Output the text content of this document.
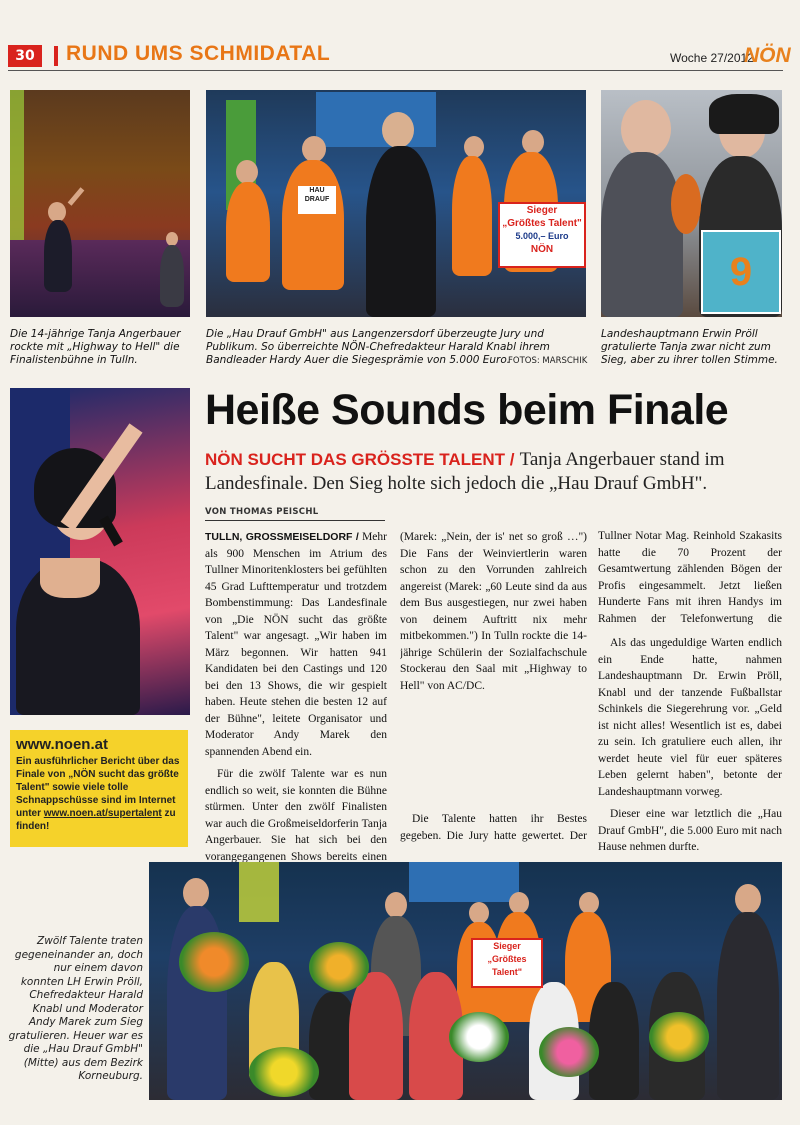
30	RUND UMS SCHMIDATAL	Woche 27/2012
NÖN
HAU DRAUF
Sieger
„Größtes Talent"
5.000,– Euro
NÖN
9
Die 14-jährige Tanja Angerbauer rockte mit „Highway to Hell" die Finalistenbühne in Tulln.
Die „Hau Drauf GmbH" aus Langenzersdorf überzeugte Jury und Publikum. So überreichte NÖN-Chefredakteur Harald Knabl ihrem Bandleader Hardy Auer die Siegesprämie von 5.000 Euro.
FOTOS: MARSCHIK
Landeshauptmann Erwin Pröll gratulierte Tanja zwar nicht zum Sieg, aber zu ihrer tollen Stimme.
Heiße Sounds beim Finale
NÖN SUCHT DAS GRÖSSTE TALENT / Tanja Angerbauer stand im Landesfinale. Den Sieg holte sich jedoch die „Hau Drauf GmbH".
VON THOMAS PEISCHL

TULLN, GROSSMEISELDORF / Mehr als 900 Menschen im Atrium des Tullner Minoritenklosters bei gefühlten 45 Grad Lufttemperatur und trotzdem Bombenstimmung: Das Landesfinale von „Die NÖN sucht das größte Talent" war angesagt. „Wir haben im März begonnen. Wir hatten 941 Kandidaten bei den Castings und 120 bei den 13 Shows, die wir gespielt haben. Heute stehen die besten 12 auf der Bühne", leitete Organisator und Moderator Andy Marek den spannenden Abend ein.

Für die zwölf Talente war es nun endlich so weit, sie konnten die Bühne stürmen. Unter den zwölf Finalisten war auch die Großmeiseldorferin Tanja Angerbauer. Sie hat sich bei den vorangegangenen Shows bereits einen

(Marek: „Nein, der is' net so groß …") Die Fans der Weinviertlerin waren schon zu den Vorrunden zahlreich angereist (Marek: „60 Leute sind da aus dem Bus ausgestiegen, nur zwei haben von deinem Auftritt nix mehr mitbekommen.") In Tulln rockte die 14-jährige Schülerin der Sozialfachschule Stockerau den Saal mit „Highway to Hell" von AC/DC.

Die Talente hatten ihr Bestes gegeben. Die Jury hatte gewertet. Der

Tullner Notar Mag. Reinhold Szakasits hatte die 70 Prozent der Gesamtwertung zählenden Bögen der Profis eingesammelt. Jetzt ließen Hunderte Fans mit ihren Handys im Rahmen der Telefonwertung die

Als das ungeduldige Warten endlich ein Ende hatte, nahmen Landeshauptmann Dr. Erwin Pröll, Knabl und der tanzende Fußballstar Schinkels die Siegerehrung vor. „Geld ist nicht alles! Wesentlich ist es, dabei zu sein. Ich gratuliere euch allen, ihr werdet heute viel für euer späteres Leben gelernt haben", betonte der Landeshauptmann vorweg.

Dieser eine war letztlich die „Hau Drauf GmbH", die 5.000 Euro mit nach Hause nehmen durfte.

www.noen.at
Ein ausführlicher Bericht über das Finale von „NÖN sucht das größte Talent" sowie viele tolle Schnappschüsse sind im Internet unter www.noen.at/supertalent zu finden!
Zwölf Talente traten gegeneinander an, doch nur einem davon konnten LH Erwin Pröll, Chefredakteur Harald Knabl und Moderator Andy Marek zum Sieg gratulieren. Heuer war es die „Hau Drauf GmbH" (Mitte) aus dem Bezirk Korneuburg.
Sieger
„Größtes Talent"
